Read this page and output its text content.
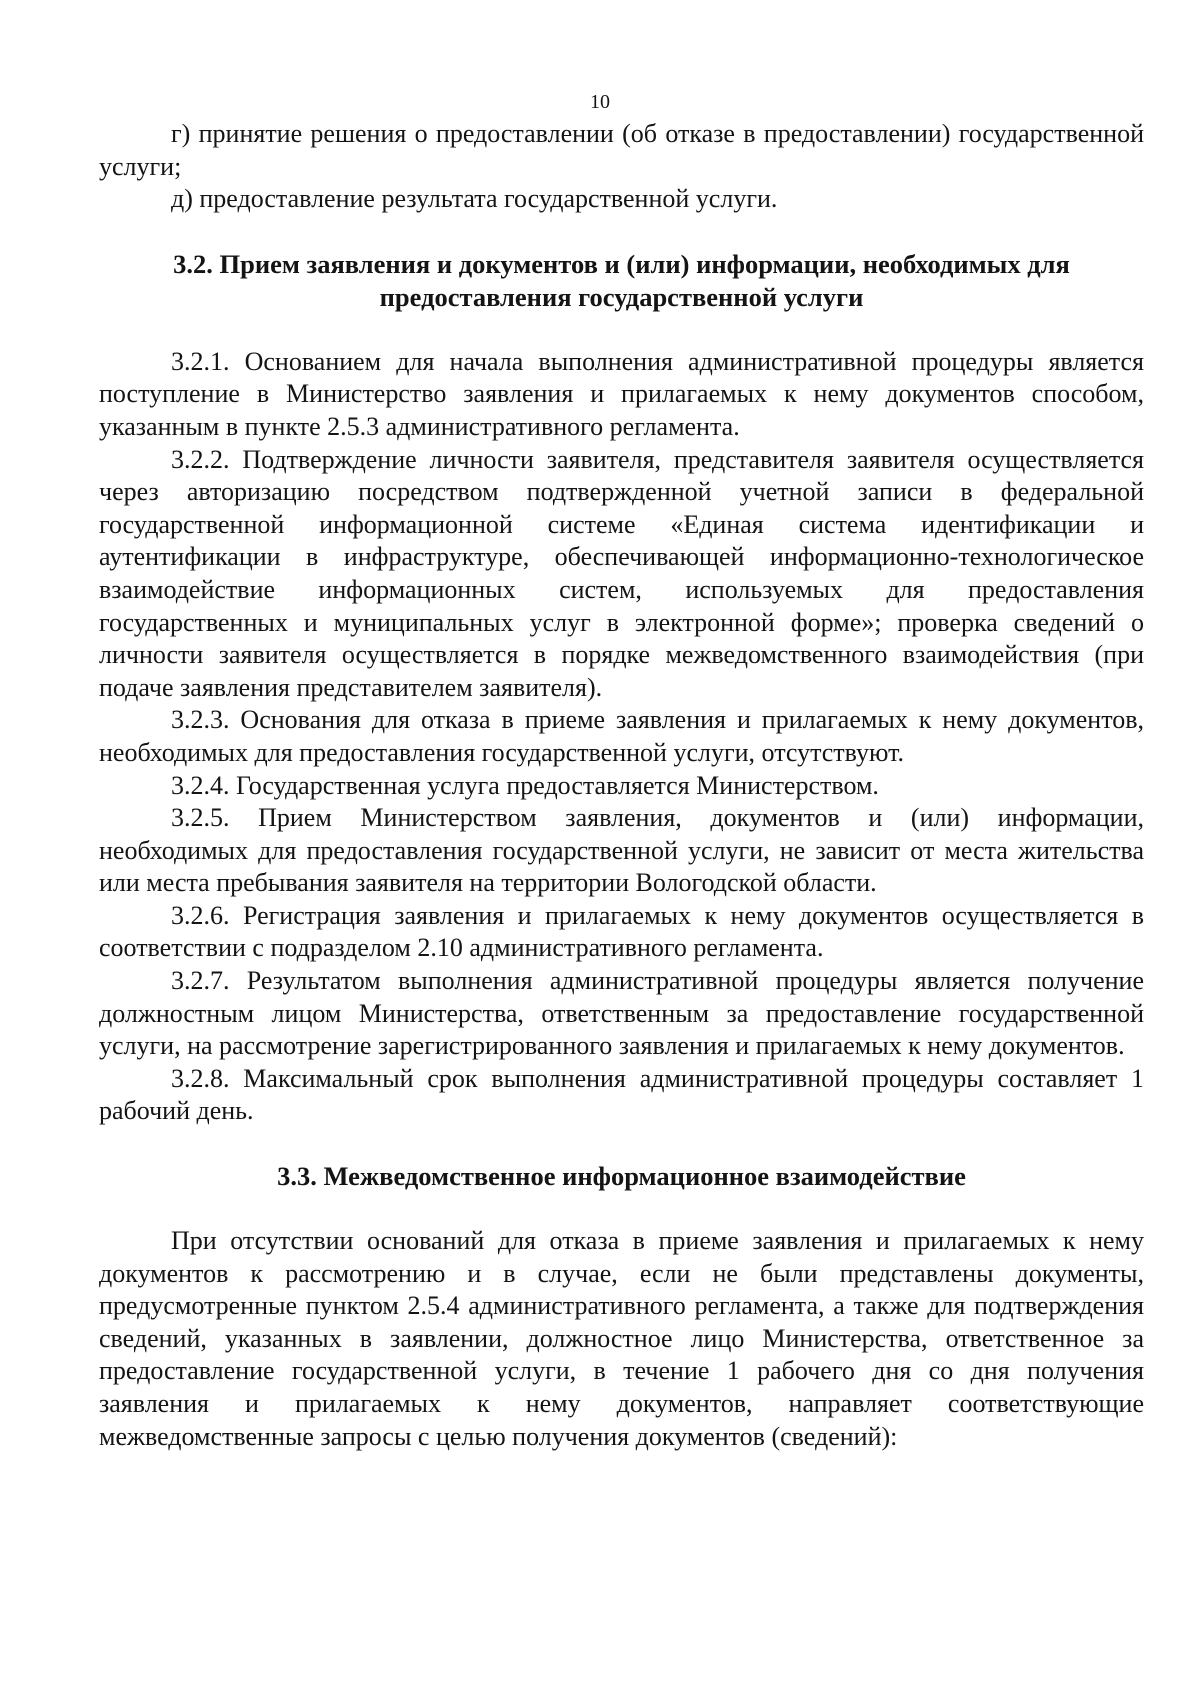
10

г) принятие решения о предоставлении (об отказе в предоставлении) государственной услуги;

д) предоставление результата государственной услуги.

3.2. Прием заявления и документов и (или) информации, необходимых для
предоставления государственной услуги

3.2.1. Основанием для начала выполнения административной процедуры является поступление в Министерство заявления и прилагаемых к нему документов способом, указанным в пункте 2.5.3 административного регламента.

3.2.2. Подтверждение личности заявителя, представителя заявителя осуществляется через авторизацию посредством подтвержденной учетной записи в федеральной государственной информационной системе «Единая система идентификации и аутентификации в инфраструктуре, обеспечивающей информационно-технологическое взаимодействие информационных систем, используемых для предоставления государственных и муниципальных услуг в электронной форме»; проверка сведений о личности заявителя осуществляется в порядке межведомственного взаимодействия (при подаче заявления представителем заявителя).

3.2.3. Основания для отказа в приеме заявления и прилагаемых к нему документов, необходимых для предоставления государственной услуги, отсутствуют.

3.2.4. Государственная услуга предоставляется Министерством.

3.2.5. Прием Министерством заявления, документов и (или) информации, необходимых для предоставления государственной услуги, не зависит от места жительства или места пребывания заявителя на территории Вологодской области.

3.2.6. Регистрация заявления и прилагаемых к нему документов осуществляется в соответствии с подразделом 2.10 административного регламента.

3.2.7. Результатом выполнения административной процедуры является получение должностным лицом Министерства, ответственным за предоставление государственной услуги, на рассмотрение зарегистрированного заявления и прилагаемых к нему документов.

3.2.8. Максимальный срок выполнения административной процедуры составляет 1 рабочий день.

3.3. Межведомственное информационное взаимодействие

При отсутствии оснований для отказа в приеме заявления и прилагаемых к нему документов к рассмотрению и в случае, если не были представлены документы, предусмотренные пунктом 2.5.4 административного регламента, а также для подтверждения сведений, указанных в заявлении, должностное лицо Министерства, ответственное за предоставление государственной услуги, в течение 1 рабочего дня со дня получения заявления и прилагаемых к нему документов, направляет соответствующие межведомственные запросы с целью получения документов (сведений):
